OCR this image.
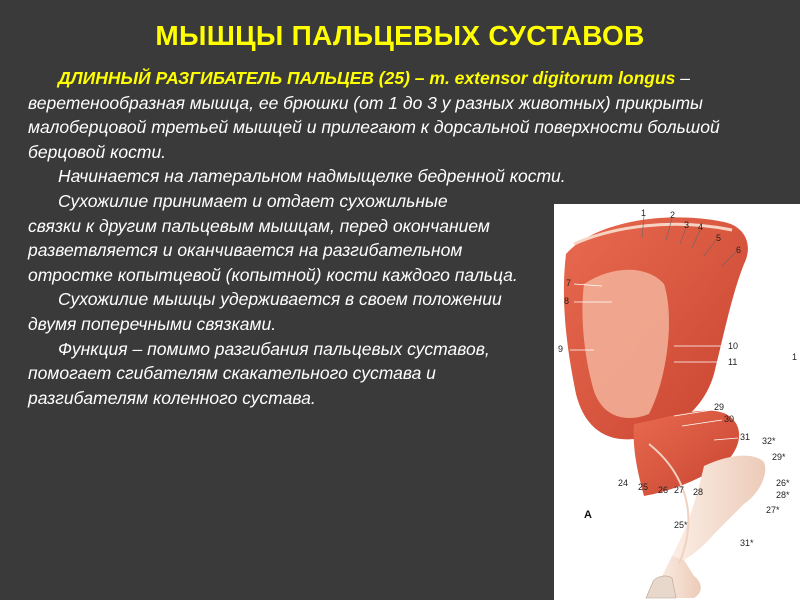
МЫШЦЫ ПАЛЬЦЕВЫХ СУСТАВОВ

ДЛИННЫЙ РАЗГИБАТЕЛЬ ПАЛЬЦЕВ (25) – m. extensor digitorum longus – веретенообразная мышца, ее брюшки (от 1 до 3 у разных животных) прикрыты малоберцовой третьей мышцей и прилегают к дорсальной поверхности большой берцовой кости.

Начинается на латеральном надмыщелке бедренной кости.

Сухожилие принимает и отдает сухожильные

связки к другим пальцевым мышцам, перед окончанием разветвляется и оканчивается на разгибательном отростке копытцевой (копытной) кости каждого пальца.

Сухожилие мышцы удерживается в своем положении двумя поперечными связками.

Функция – помимо разгибания пальцевых суставов, помогает сгибателям скакательного сустава и разгибателям коленного сустава.

1	2
3 4
5
6
7
8
9	10
11
29
30
31 32*
29*
26*
28*
27*
24 25 26 27 28
25*
31*
1
А
